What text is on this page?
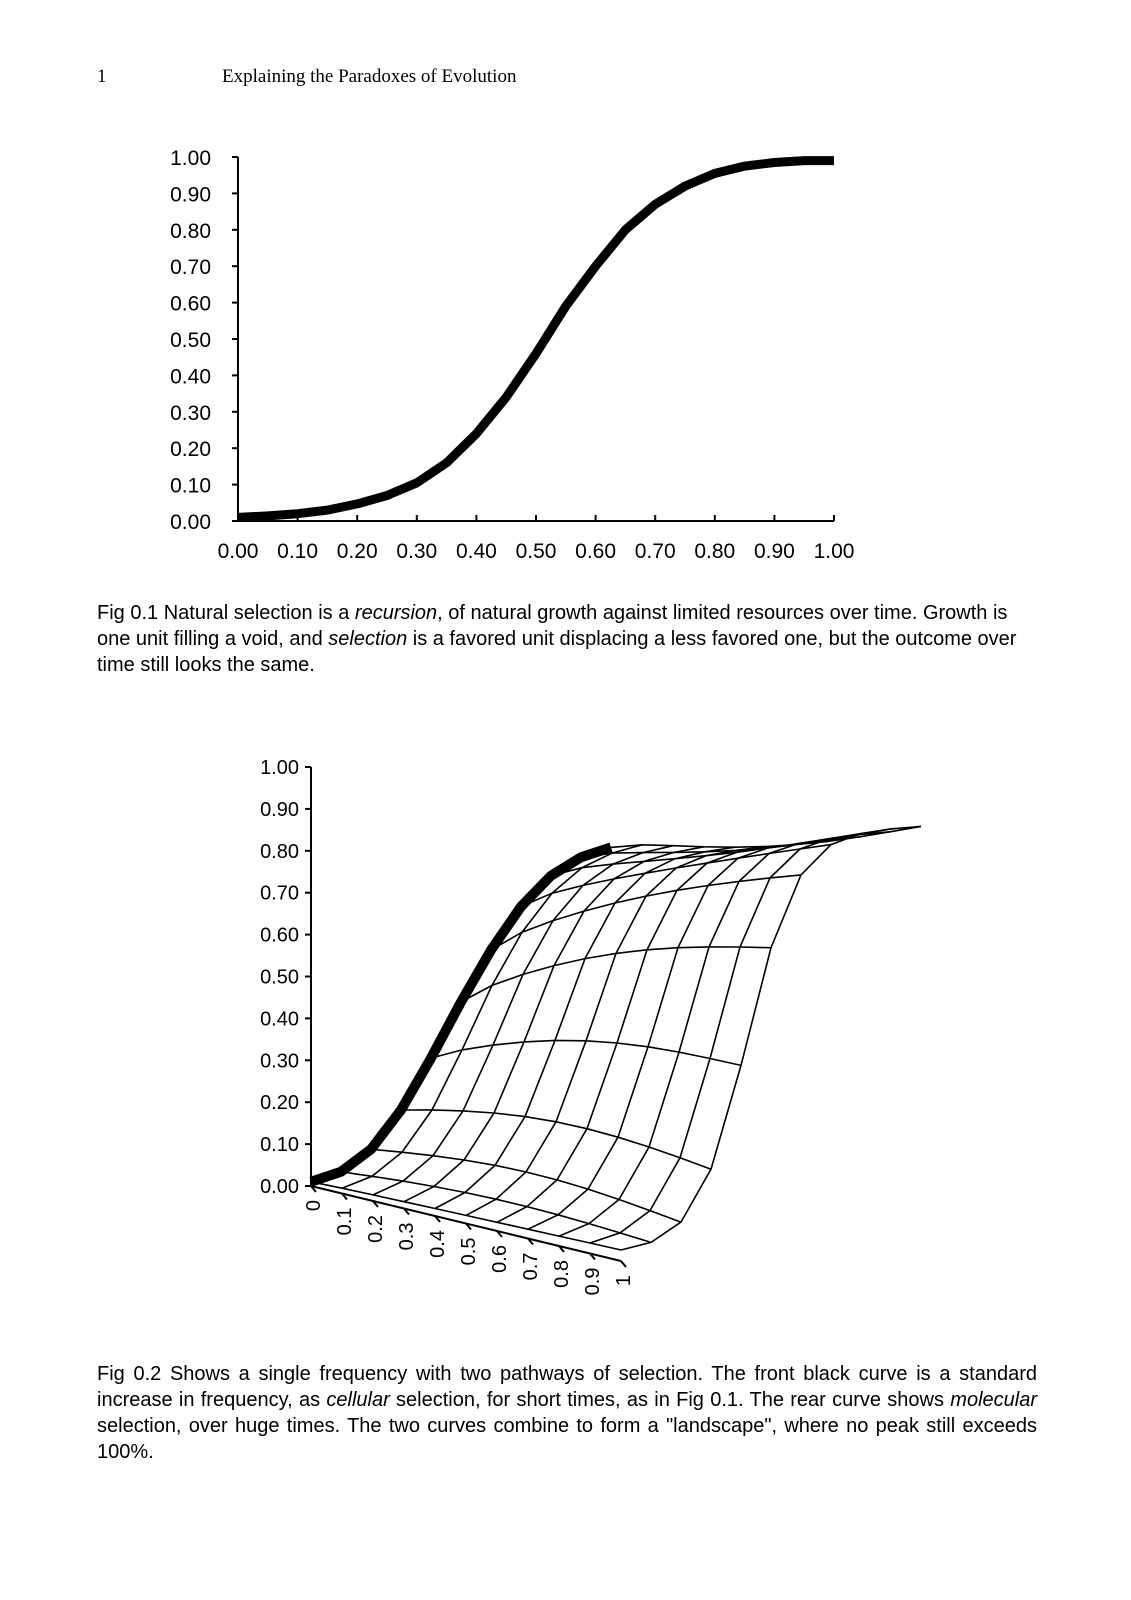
1	Explaining the Paradoxes of Evolution
0.00
0.10
0.20
0.30
0.40
0.50
0.60
0.70
0.80
0.90
1.00
0.00 0.10 0.20 0.30 0.40 0.50 0.60 0.70 0.80 0.90 1.00

Fig 0.1 Natural selection is a recursion, of natural growth against limited resources over time. Growth is one unit filling a void, and selection is a favored unit displacing a less favored one, but the outcome over time still looks the same.

0.00
0.10
0.20
0.30
0.40
0.50
0.60
0.70
0.80
0.90
1.00
0
0.1 0.2 0.3 0.4 0.5 0.6 0.7 0.8 0.9 1

Fig 0.2 Shows a single frequency with two pathways of selection. The front black curve is a standard increase in frequency, as cellular selection, for short times, as in Fig 0.1. The rear curve shows molecular selection, over huge times. The two curves combine to form a "landscape", where no peak still exceeds 100%.
